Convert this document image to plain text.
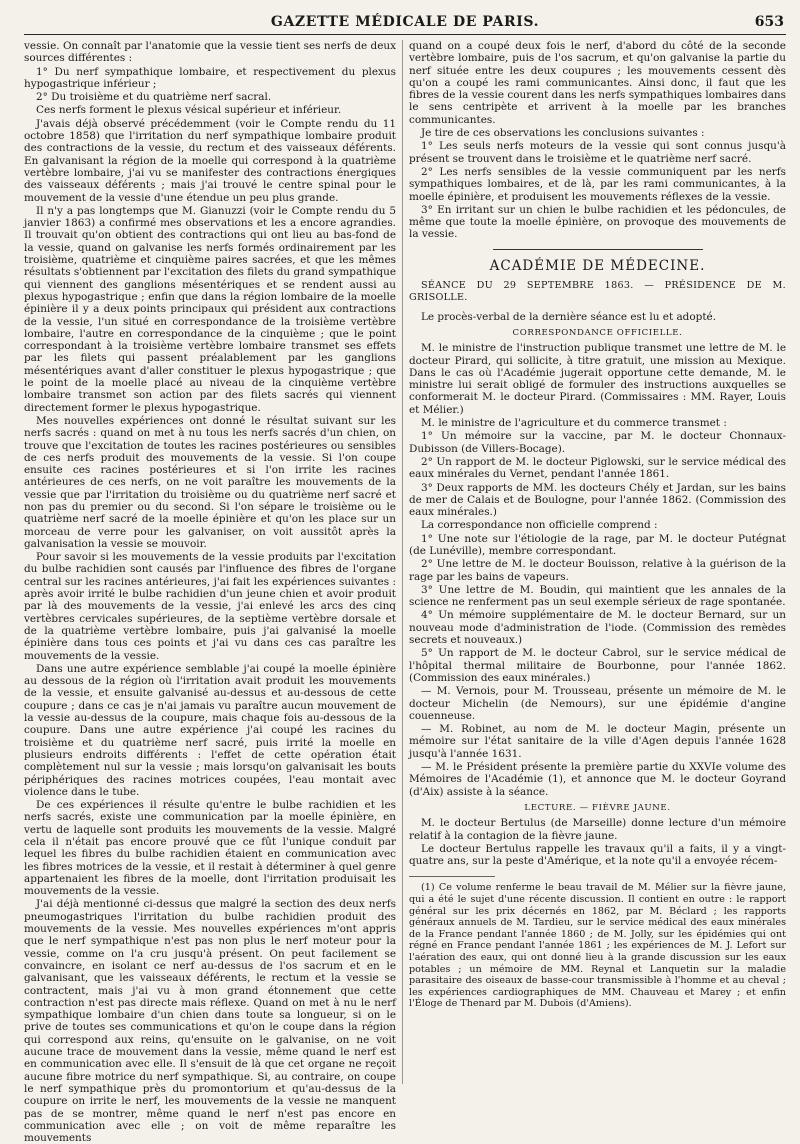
GAZETTE MÉDICALE DE PARIS.	653

vessie. On connaît par l'anatomie que la vessie tient ses nerfs de deux sources différentes :

1° Du nerf sympathique lombaire, et respectivement du plexus hypogastrique inférieur ;

2° Du troisième et du quatrième nerf sacral.

Ces nerfs forment le plexus vésical supérieur et inférieur.

J'avais déjà observé précédemment (voir le Compte rendu du 11 octobre 1858) que l'irritation du nerf sympathique lombaire produit des contractions de la vessie, du rectum et des vaisseaux déférents. En galvanisant la région de la moelle qui correspond à la quatrième vertèbre lombaire, j'ai vu se manifester des contractions énergiques des vaisseaux déférents ; mais j'ai trouvé le centre spinal pour le mouvement de la vessie d'une étendue un peu plus grande.

Il n'y a pas longtemps que M. Gianuzzi (voir le Compte rendu du 5 janvier 1863) a confirmé mes observations et les a encore agrandies. Il trouvait qu'on obtient des contractions qui ont lieu au bas-fond de la vessie, quand on galvanise les nerfs formés ordinairement par les troisième, quatrième et cinquième paires sacrées, et que les mêmes résultats s'obtiennent par l'excitation des filets du grand sympathique qui viennent des ganglions mésentériques et se rendent aussi au plexus hypogastrique ; enfin que dans la région lombaire de la moelle épinière il y a deux points principaux qui président aux contractions de la vessie, l'un situé en correspondance de la troisième vertèbre lombaire, l'autre en correspondance de la cinquième ; que le point correspondant à la troisième vertèbre lombaire transmet ses effets par les filets qui passent préalablement par les ganglions mésentériques avant d'aller constituer le plexus hypogastrique ; que le point de la moelle placé au niveau de la cinquième vertèbre lombaire transmet son action par des filets sacrés qui viennent directement former le plexus hypogastrique.

Mes nouvelles expériences ont donné le résultat suivant sur les nerfs sacrés : quand on met à nu tous les nerfs sacrés d'un chien, on trouve que l'excitation de toutes les racines postérieures ou sensibles de ces nerfs produit des mouvements de la vessie. Si l'on coupe ensuite ces racines postérieures et si l'on irrite les racines antérieures de ces nerfs, on ne voit paraître les mouvements de la vessie que par l'irritation du troisième ou du quatrième nerf sacré et non pas du premier ou du second. Si l'on sépare le troisième ou le quatrième nerf sacré de la moelle épinière et qu'on les place sur un morceau de verre pour les galvaniser, on voit aussitôt après la galvanisation la vessie se mouvoir.

Pour savoir si les mouvements de la vessie produits par l'excitation du bulbe rachidien sont causés par l'influence des fibres de l'organe central sur les racines antérieures, j'ai fait les expériences suivantes : après avoir irrité le bulbe rachidien d'un jeune chien et avoir produit par là des mouvements de la vessie, j'ai enlevé les arcs des cinq vertèbres cervicales supérieures, de la septième vertèbre dorsale et de la quatrième vertèbre lombaire, puis j'ai galvanisé la moelle épinière dans tous ces points et j'ai vu dans ces cas paraître les mouvements de la vessie.

Dans une autre expérience semblable j'ai coupé la moelle épinière au dessous de la région où l'irritation avait produit les mouvements de la vessie, et ensuite galvanisé au-dessus et au-dessous de cette coupure ; dans ce cas je n'ai jamais vu paraître aucun mouvement de la vessie au-dessus de la coupure, mais chaque fois au-dessous de la coupure. Dans une autre expérience j'ai coupé les racines du troisième et du quatrième nerf sacré, puis irrité la moelle en plusieurs endroits différents : l'effet de cette opération était complètement nul sur la vessie ; mais lorsqu'on galvanisait les bouts périphériques des racines motrices coupées, l'eau montait avec violence dans le tube.

De ces expériences il résulte qu'entre le bulbe rachidien et les nerfs sacrés, existe une communication par la moelle épinière, en vertu de laquelle sont produits les mouvements de la vessie. Malgré cela il n'était pas encore prouvé que ce fût l'unique conduit par lequel les fibres du bulbe rachidien étaient en communication avec les fibres motrices de la vessie, et il restait à déterminer à quel genre appartenaient les fibres de la moelle, dont l'irritation produisait les mouvements de la vessie.

J'ai déjà mentionné ci-dessus que malgré la section des deux nerfs pneumogastriques l'irritation du bulbe rachidien produit des mouvements de la vessie. Mes nouvelles expériences m'ont appris que le nerf sympathique n'est pas non plus le nerf moteur pour la vessie, comme on l'a cru jusqu'à présent. On peut facilement se convaincre, en isolant ce nerf au-dessus de l'os sacrum et en le galvanisant, que les vaisseaux déférents, le rectum et la vessie se contractent, mais j'ai vu à mon grand étonnement que cette contraction n'est pas directe mais réflexe. Quand on met à nu le nerf sympathique lombaire d'un chien dans toute sa longueur, si on le prive de toutes ses communications et qu'on le coupe dans la région qui correspond aux reins, qu'ensuite on le galvanise, on ne voit aucune trace de mouvement dans la vessie, même quand le nerf est en communication avec elle. Il s'ensuit de là que cet organe ne reçoit aucune fibre motrice du nerf sympathique. Si, au contraire, on coupe le nerf sympathique près du promontorium et qu'au-dessus de la coupure on irrite le nerf, les mouvements de la vessie ne manquent pas de se montrer, même quand le nerf n'est pas encore en communication avec elle ; on voit de même reparaître les mouvements

quand on a coupé deux fois le nerf, d'abord du côté de la seconde vertèbre lombaire, puis de l'os sacrum, et qu'on galvanise la partie du nerf située entre les deux coupures ; les mouvements cessent dès qu'on a coupé les rami communicantes. Ainsi donc, il faut que les fibres de la vessie courent dans les nerfs sympathiques lombaires dans le sens centripète et arrivent à la moelle par les branches communicantes.

Je tire de ces observations les conclusions suivantes :

1° Les seuls nerfs moteurs de la vessie qui sont connus jusqu'à présent se trouvent dans le troisième et le quatrième nerf sacré.

2° Les nerfs sensibles de la vessie communiquent par les nerfs sympathiques lombaires, et de là, par les rami communicantes, à la moelle épinière, et produisent les mouvements réflexes de la vessie.

3° En irritant sur un chien le bulbe rachidien et les pédoncules, de même que toute la moelle épinière, on provoque des mouvements de la vessie.

ACADÉMIE DE MÉDECINE.
SÉANCE DU 29 SEPTEMBRE 1863. — PRÉSIDENCE DE M. GRISOLLE.

Le procès-verbal de la dernière séance est lu et adopté.

CORRESPONDANCE OFFICIELLE.

M. le ministre de l'instruction publique transmet une lettre de M. le docteur Pirard, qui sollicite, à titre gratuit, une mission au Mexique. Dans le cas où l'Académie jugerait opportune cette demande, M. le ministre lui serait obligé de formuler des instructions auxquelles se conformerait M. le docteur Pirard. (Commissaires : MM. Rayer, Louis et Mélier.)

M. le ministre de l'agriculture et du commerce transmet :

1° Un mémoire sur la vaccine, par M. le docteur Chonnaux-Dubisson (de Villers-Bocage).

2° Un rapport de M. le docteur Piglowski, sur le service médical des eaux minérales du Vernet, pendant l'année 1861.

3° Deux rapports de MM. les docteurs Chély et Jardan, sur les bains de mer de Calais et de Boulogne, pour l'année 1862. (Commission des eaux minérales.)

La correspondance non officielle comprend :

1° Une note sur l'étiologie de la rage, par M. le docteur Putégnat (de Lunéville), membre correspondant.

2° Une lettre de M. le docteur Bouisson, relative à la guérison de la rage par les bains de vapeurs.

3° Une lettre de M. Boudin, qui maintient que les annales de la science ne renferment pas un seul exemple sérieux de rage spontanée.

4° Un mémoire supplémentaire de M. le docteur Bernard, sur un nouveau mode d'administration de l'iode. (Commission des remèdes secrets et nouveaux.)

5° Un rapport de M. le docteur Cabrol, sur le service médical de l'hôpital thermal militaire de Bourbonne, pour l'année 1862. (Commission des eaux minérales.)

— M. Vernois, pour M. Trousseau, présente un mémoire de M. le docteur Michelin (de Nemours), sur une épidémie d'angine couenneuse.

— M. Robinet, au nom de M. le docteur Magin, présente un mémoire sur l'état sanitaire de la ville d'Agen depuis l'année 1628 jusqu'à l'année 1631.

— M. le Président présente la première partie du XXVIe volume des Mémoires de l'Académie (1), et annonce que M. le docteur Goyrand (d'Aix) assiste à la séance.

LECTURE. — FIÈVRE JAUNE.

M. le docteur Bertulus (de Marseille) donne lecture d'un mémoire relatif à la contagion de la fièvre jaune.

Le docteur Bertulus rappelle les travaux qu'il a faits, il y a vingt-quatre ans, sur la peste d'Amérique, et la note qu'il a envoyée récem-

(1) Ce volume renferme le beau travail de M. Mélier sur la fièvre jaune, qui a été le sujet d'une récente discussion. Il contient en outre : le rapport général sur les prix décernés en 1862, par M. Béclard ; les rapports généraux annuels de M. Tardieu, sur le service médical des eaux minérales de la France pendant l'année 1860 ; de M. Jolly, sur les épidémies qui ont régné en France pendant l'année 1861 ; les expériences de M. J. Lefort sur l'aération des eaux, qui ont donné lieu à la grande discussion sur les eaux potables ; un mémoire de MM. Reynal et Lanquetin sur la maladie parasitaire des oiseaux de basse-cour transmissible à l'homme et au cheval ; les expériences cardiographiques de MM. Chauveau et Marey ; et enfin l'Éloge de Thenard par M. Dubois (d'Amiens).
